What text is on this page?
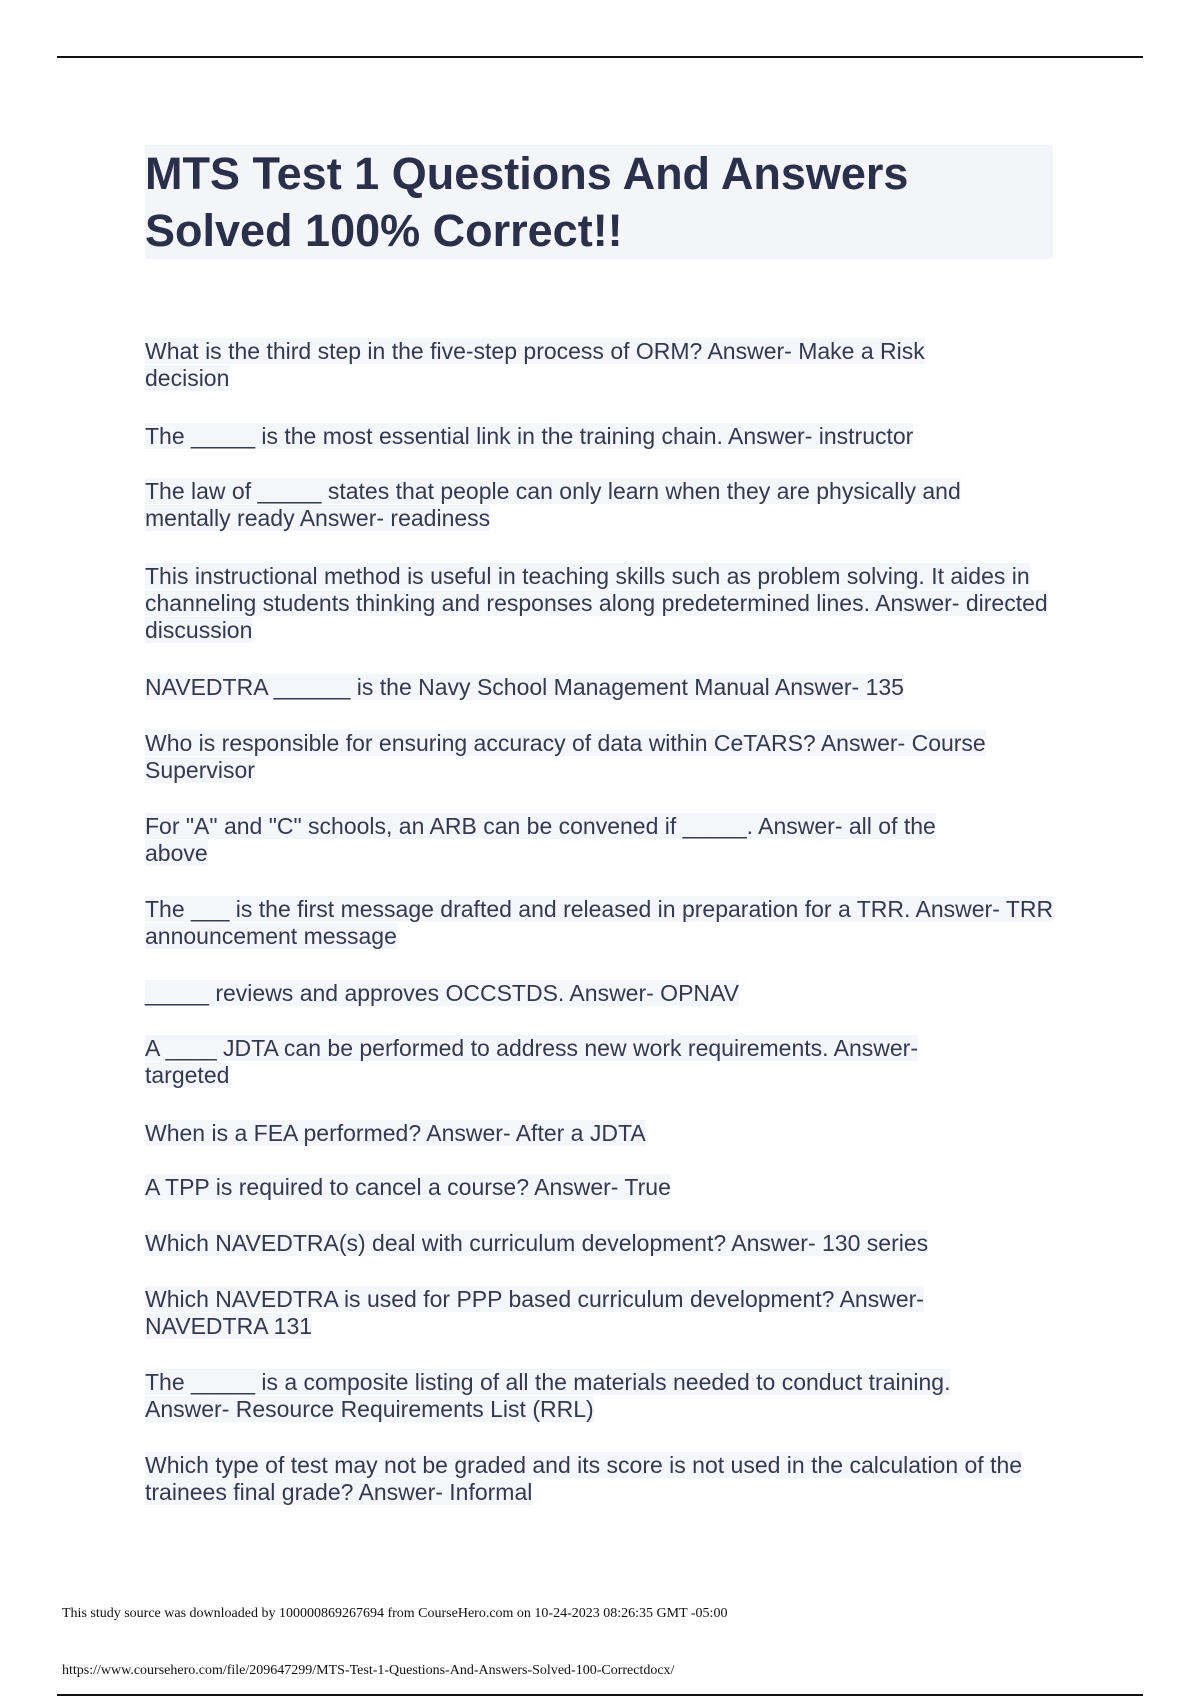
MTS Test 1 Questions And Answers
Solved 100% Correct!!
What is the third step in the five-step process of ORM? Answer- Make a Risk decision
The _____ is the most essential link in the training chain. Answer- instructor
The law of _____ states that people can only learn when they are physically and mentally ready Answer- readiness
This instructional method is useful in teaching skills such as problem solving. It aides in channeling students thinking and responses along predetermined lines. Answer- directed discussion
NAVEDTRA ______ is the Navy School Management Manual Answer- 135
Who is responsible for ensuring accuracy of data within CeTARS? Answer- Course Supervisor
For "A" and "C" schools, an ARB can be convened if _____. Answer- all of the above
The ___ is the first message drafted and released in preparation for a TRR. Answer- TRR announcement message
_____ reviews and approves OCCSTDS. Answer- OPNAV
A ____ JDTA can be performed to address new work requirements. Answer- targeted
When is a FEA performed? Answer- After a JDTA
A TPP is required to cancel a course? Answer- True
Which NAVEDTRA(s) deal with curriculum development? Answer- 130 series
Which NAVEDTRA is used for PPP based curriculum development? Answer- NAVEDTRA 131
The _____ is a composite listing of all the materials needed to conduct training. Answer- Resource Requirements List (RRL)
Which type of test may not be graded and its score is not used in the calculation of the trainees final grade? Answer- Informal
This study source was downloaded by 100000869267694 from CourseHero.com on 10-24-2023 08:26:35 GMT -05:00
https://www.coursehero.com/file/209647299/MTS-Test-1-Questions-And-Answers-Solved-100-Correctdocx/
